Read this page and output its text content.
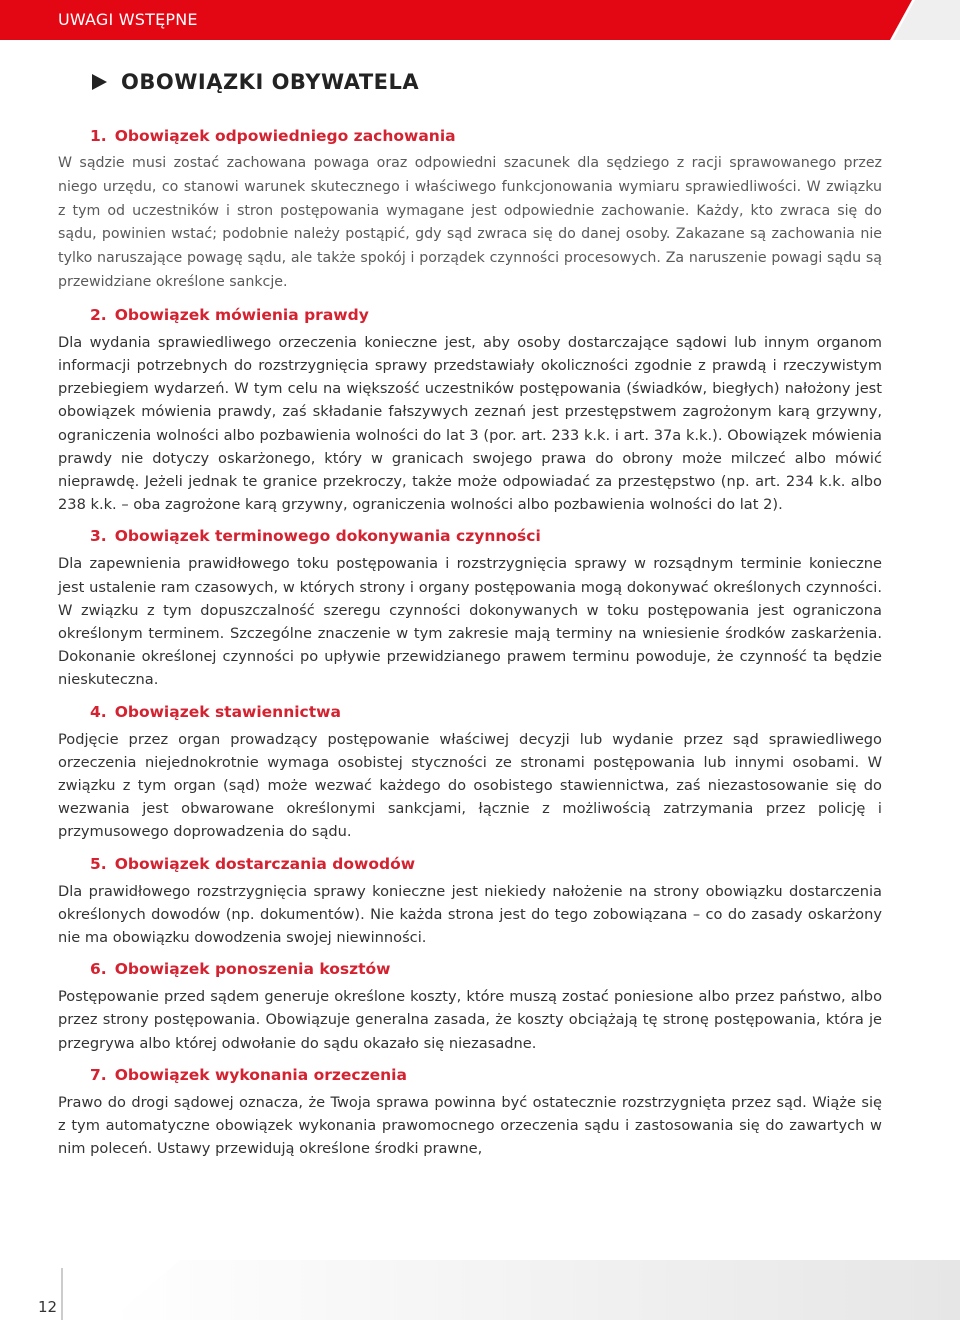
UWAGI WSTĘPNE
OBOWIĄZKI OBYWATELA
1. Obowiązek odpowiedniego zachowania

W sądzie musi zostać zachowana powaga oraz odpowiedni szacunek dla sędziego z racji sprawowanego przez niego urzędu, co stanowi warunek skutecznego i właściwego funkcjonowania wymiaru sprawiedliwości. W związku z tym od uczestników i stron postępowania wymagane jest odpowiednie zachowanie. Każdy, kto zwraca się do sądu, powinien wstać; podobnie należy postąpić, gdy sąd zwraca się do danej osoby. Zakazane są zachowania nie tylko naruszające powagę sądu, ale także spokój i porządek czynności procesowych. Za naruszenie powagi sądu są przewidziane określone sankcje.

2. Obowiązek mówienia prawdy

Dla wydania sprawiedliwego orzeczenia konieczne jest, aby osoby dostarczające sądowi lub innym organom informacji potrzebnych do rozstrzygnięcia sprawy przedstawiały okoliczności zgodnie z prawdą i rzeczywistym przebiegiem wydarzeń. W tym celu na większość uczestników postępowania (świadków, biegłych) nałożony jest obowiązek mówienia prawdy, zaś składanie fałszywych zeznań jest przestępstwem zagrożonym karą grzywny, ograniczenia wolności albo pozbawienia wolności do lat 3 (por. art. 233 k.k. i art. 37a k.k.). Obowiązek mówienia prawdy nie dotyczy oskarżonego, który w granicach swojego prawa do obrony może milczeć albo mówić nieprawdę. Jeżeli jednak te granice przekroczy, także może odpowiadać za przestępstwo (np. art. 234 k.k. albo 238 k.k. – oba zagrożone karą grzywny, ograniczenia wolności albo pozbawienia wolności do lat 2).

3. Obowiązek terminowego dokonywania czynności

Dla zapewnienia prawidłowego toku postępowania i rozstrzygnięcia sprawy w rozsądnym terminie konieczne jest ustalenie ram czasowych, w których strony i organy postępowania mogą dokonywać określonych czynności. W związku z tym dopuszczalność szeregu czynności dokonywanych w toku postępowania jest ograniczona określonym terminem. Szczególne znaczenie w tym zakresie mają terminy na wniesienie środków zaskarżenia. Dokonanie określonej czynności po upływie przewidzianego prawem terminu powoduje, że czynność ta będzie nieskuteczna.

4. Obowiązek stawiennictwa

Podjęcie przez organ prowadzący postępowanie właściwej decyzji lub wydanie przez sąd sprawiedliwego orzeczenia niejednokrotnie wymaga osobistej styczności ze stronami postępowania lub innymi osobami. W związku z tym organ (sąd) może wezwać każdego do osobistego stawiennictwa, zaś niezastosowanie się do wezwania jest obwarowane określonymi sankcjami, łącznie z możliwością zatrzymania przez policję i przymusowego doprowadzenia do sądu.

5. Obowiązek dostarczania dowodów

Dla prawidłowego rozstrzygnięcia sprawy konieczne jest niekiedy nałożenie na strony obowiązku dostarczenia określonych dowodów (np. dokumentów). Nie każda strona jest do tego zobowiązana – co do zasady oskarżony nie ma obowiązku dowodzenia swojej niewinności.

6. Obowiązek ponoszenia kosztów

Postępowanie przed sądem generuje określone koszty, które muszą zostać poniesione albo przez państwo, albo przez strony postępowania. Obowiązuje generalna zasada, że koszty obciążają tę stronę postępowania, która je przegrywa albo której odwołanie do sądu okazało się niezasadne.

7. Obowiązek wykonania orzeczenia

Prawo do drogi sądowej oznacza, że Twoja sprawa powinna być ostatecznie rozstrzygnięta przez sąd. Wiąże się z tym automatyczne obowiązek wykonania prawomocnego orzeczenia sądu i zastosowania się do zawartych w nim poleceń. Ustawy przewidują określone środki prawne,

12
